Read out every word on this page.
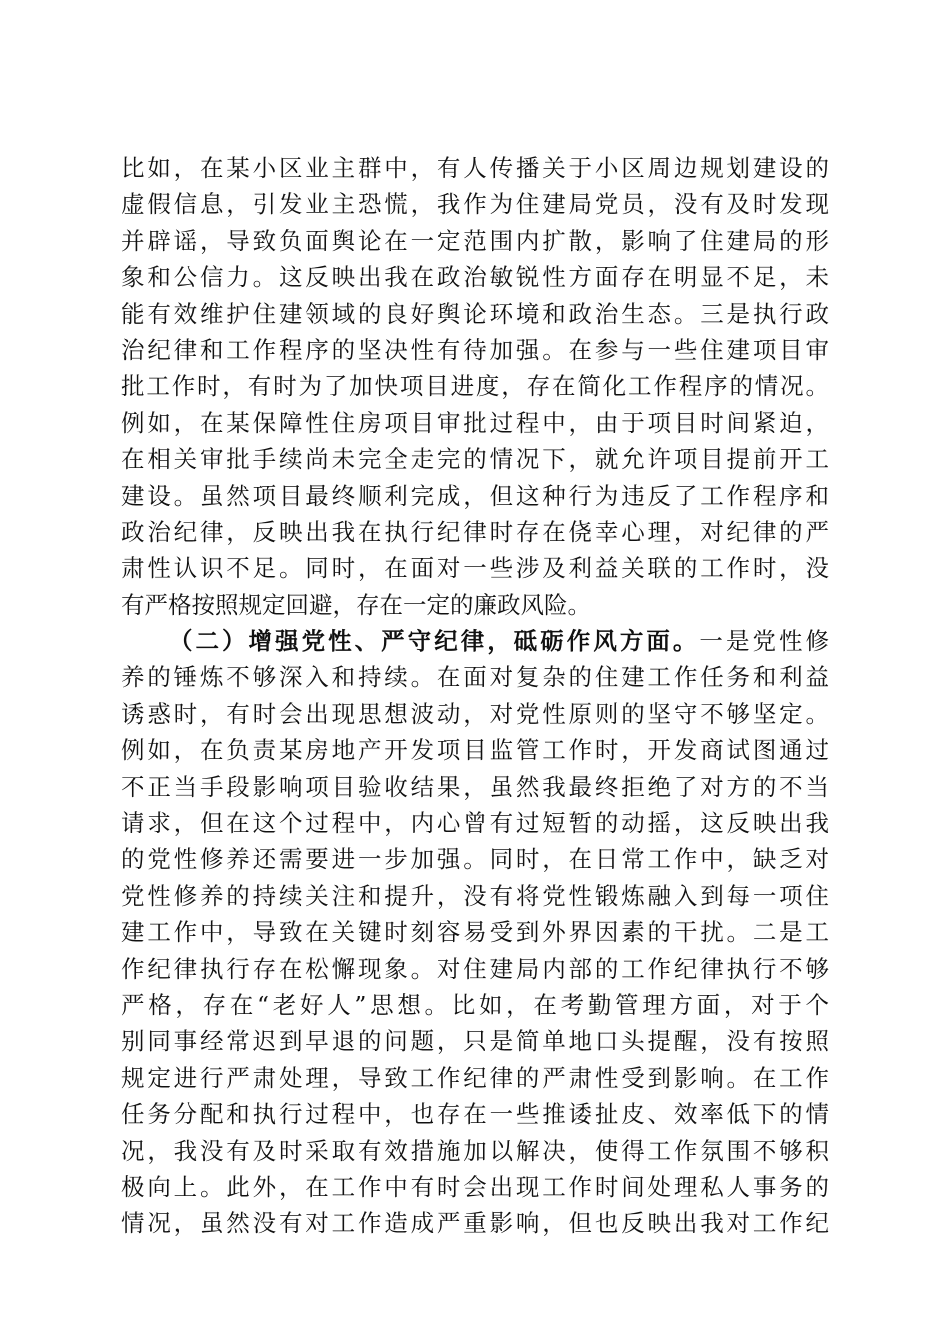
比如，在某小区业主群中，有人传播关于小区周边规划建设的
虚假信息，引发业主恐慌，我作为住建局党员，没有及时发现
并辟谣，导致负面舆论在一定范围内扩散，影响了住建局的形
象和公信力。这反映出我在政治敏锐性方面存在明显不足，未
能有效维护住建领域的良好舆论环境和政治生态。三是执行政
治纪律和工作程序的坚决性有待加强。在参与一些住建项目审
批工作时，有时为了加快项目进度，存在简化工作程序的情况。
例如，在某保障性住房项目审批过程中，由于项目时间紧迫，
在相关审批手续尚未完全走完的情况下，就允许项目提前开工
建设。虽然项目最终顺利完成，但这种行为违反了工作程序和
政治纪律，反映出我在执行纪律时存在侥幸心理，对纪律的严
肃性认识不足。同时，在面对一些涉及利益关联的工作时，没
有严格按照规定回避，存在一定的廉政风险。
（二）增强党性、严守纪律，砥砺作风方面。一是党性修
养的锤炼不够深入和持续。在面对复杂的住建工作任务和利益
诱惑时，有时会出现思想波动，对党性原则的坚守不够坚定。
例如，在负责某房地产开发项目监管工作时，开发商试图通过
不正当手段影响项目验收结果，虽然我最终拒绝了对方的不当
请求，但在这个过程中，内心曾有过短暂的动摇，这反映出我
的党性修养还需要进一步加强。同时，在日常工作中，缺乏对
党性修养的持续关注和提升，没有将党性锻炼融入到每一项住
建工作中，导致在关键时刻容易受到外界因素的干扰。二是工
作纪律执行存在松懈现象。对住建局内部的工作纪律执行不够
严格，存在“老好人”思想。比如，在考勤管理方面，对于个
别同事经常迟到早退的问题，只是简单地口头提醒，没有按照
规定进行严肃处理，导致工作纪律的严肃性受到影响。在工作
任务分配和执行过程中，也存在一些推诿扯皮、效率低下的情
况，我没有及时采取有效措施加以解决，使得工作氛围不够积
极向上。此外，在工作中有时会出现工作时间处理私人事务的
情况，虽然没有对工作造成严重影响，但也反映出我对工作纪
